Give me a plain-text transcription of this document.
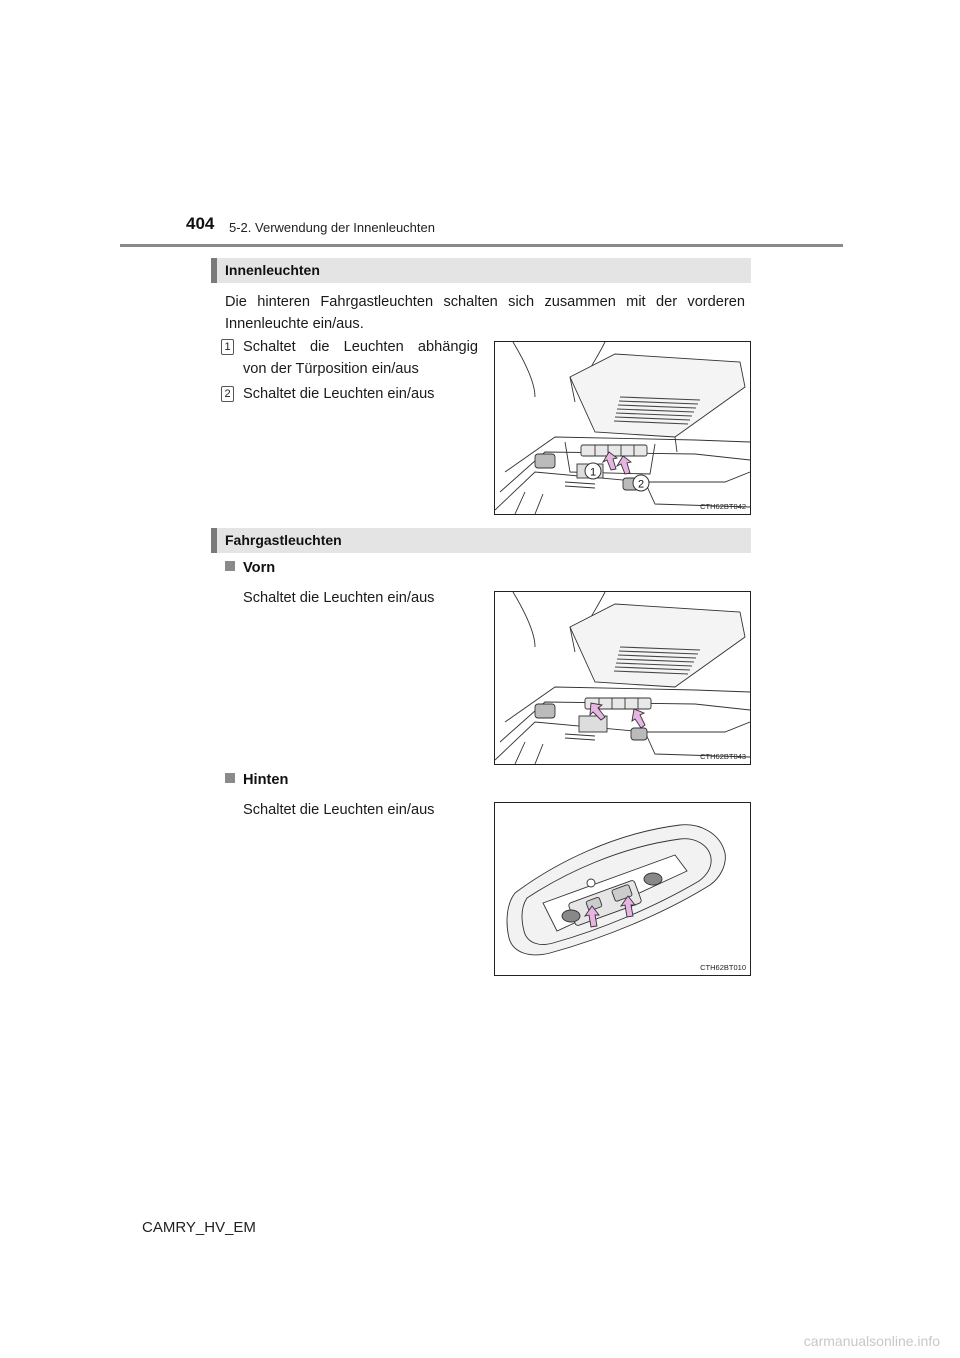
404 5-2. Verwendung der Innenleuchten
Innenleuchten
Die hinteren Fahrgastleuchten schalten sich zusammen mit der vorderen
Innenleuchte ein/aus.
1 Schaltet die Leuchten abhängig
von der Türposition ein/aus
2 Schaltet die Leuchten ein/aus
1
2
CTH62BT042
Fahrgastleuchten
Vorn
Schaltet die Leuchten ein/aus
CTH62BT043
Hinten
Schaltet die Leuchten ein/aus
CTH62BT010
CAMRY_HV_EM
carmanualsonline.info
